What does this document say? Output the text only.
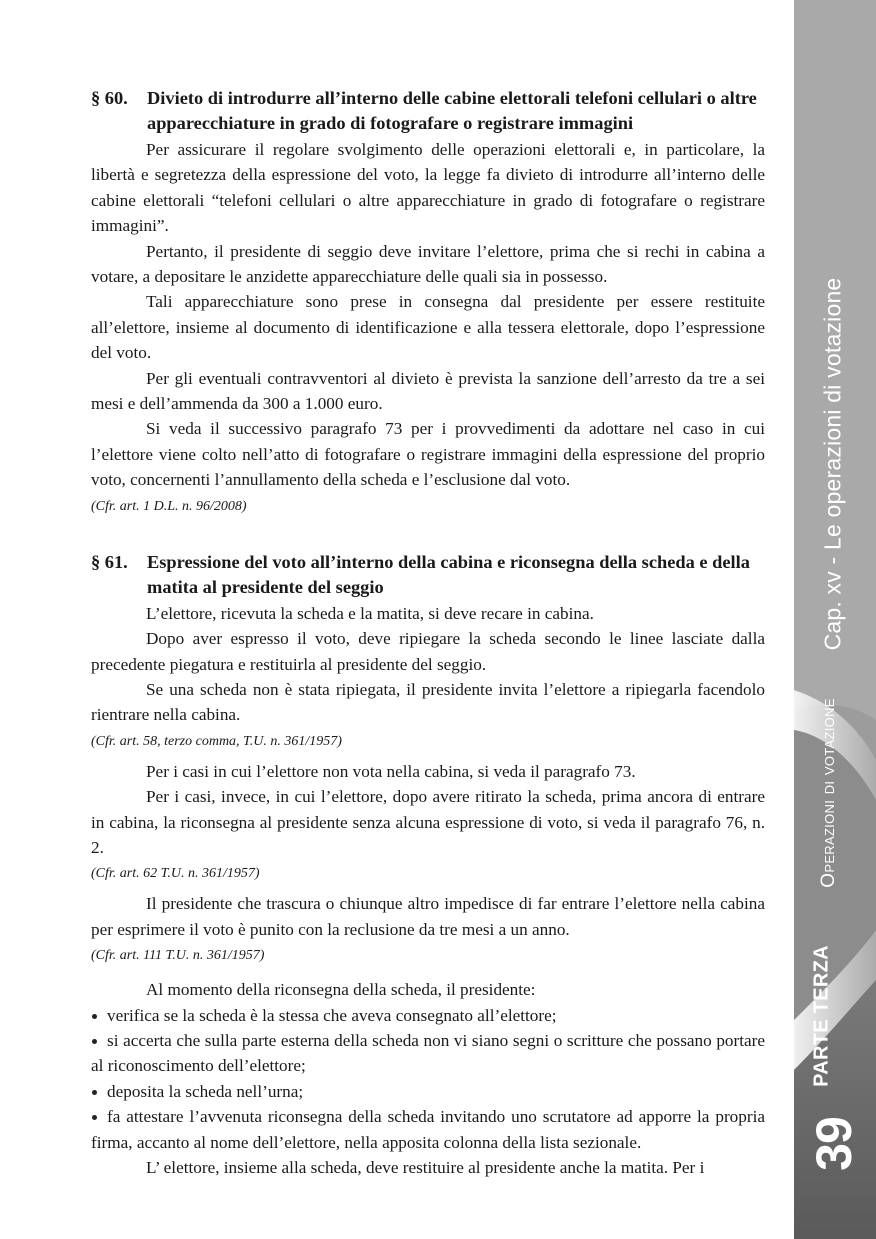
§ 60.	Divieto di introdurre all’interno delle cabine elettorali telefoni cellulari o altre apparecchiature in grado di fotografare o registrare immagini

Per assicurare il regolare svolgimento delle operazioni elettorali e, in particolare, la libertà e segretezza della espressione del voto, la legge fa divieto di introdurre all’interno delle cabine elettorali “telefoni cellulari o altre apparecchiature in grado di fotografare o registrare immagini”.

Pertanto, il presidente di seggio deve invitare l’elettore, prima che si rechi in cabina a votare, a depositare le anzidette apparecchiature delle quali sia in possesso.

Tali apparecchiature sono prese in consegna dal presidente per essere restituite all’elettore, insieme al documento di identificazione e alla tessera elettorale, dopo l’espressione del voto.

Per gli eventuali contravventori al divieto è prevista la sanzione dell’arresto da tre a sei mesi e dell’ammenda da 300 a 1.000 euro.

Si veda il successivo paragrafo 73 per i provvedimenti da adottare nel caso in cui l’elettore viene colto nell’atto di fotografare o registrare immagini della espressione del proprio voto, concernenti l’annullamento della scheda e l’esclusione dal voto.

(Cfr. art. 1 D.L. n. 96/2008)

§ 61.	Espressione del voto all’interno della cabina e riconsegna della scheda e della matita al presidente del seggio

L’elettore, ricevuta la scheda e la matita, si deve recare in cabina.

Dopo aver espresso il voto, deve ripiegare la scheda secondo le linee lasciate dalla precedente piegatura e restituirla al presidente del seggio.

Se una scheda non è stata ripiegata, il presidente invita l’elettore a ripiegarla facendolo rientrare nella cabina.

(Cfr. art. 58, terzo comma, T.U. n. 361/1957)

Per i casi in cui l’elettore non vota nella cabina, si veda il paragrafo 73.

Per i casi, invece, in cui l’elettore, dopo avere ritirato la scheda, prima ancora di entrare in cabina, la riconsegna al presidente senza alcuna espressione di voto, si veda il paragrafo 76, n. 2.

(Cfr. art. 62 T.U. n. 361/1957)

Il presidente che trascura o chiunque altro impedisce di far entrare l’elettore nella cabina per esprimere il voto è punito con la reclusione da tre mesi a un anno.

(Cfr. art. 111 T.U. n. 361/1957)

Al momento della riconsegna della scheda, il presidente:

verifica se la scheda è la stessa che aveva consegnato all’elettore;
si accerta che sulla parte esterna della scheda non vi siano segni o scritture che possano portare al riconoscimento dell’elettore;
deposita la scheda nell’urna;
fa attestare l’avvenuta riconsegna della scheda invitando uno scrutatore ad apporre la propria firma, accanto al nome dell’elettore, nella apposita colonna della lista sezionale.

L’ elettore, insieme alla scheda, deve restituire al presidente anche la matita. Per i

Cap. xv - Le operazioni di votazione
Operazioni di votazione
PARTE TERZA
39
